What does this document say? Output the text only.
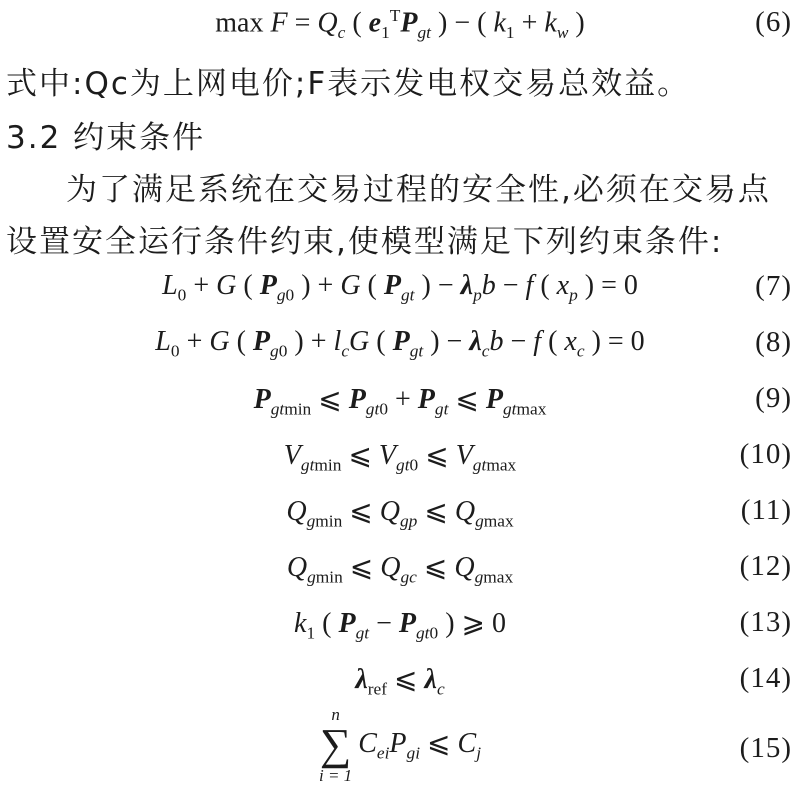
$\max F = Q_c$ ( $e_1^TP_{gt}$ ) − ( $k_1 + k_w$ )	(6)
式中:Qc为上网电价;F表示发电权交易总效益。
3.2 约束条件
为了满足系统在交易过程的安全性,必须在交易点
设置安全运行条件约束,使模型满足下列约束条件:
$L_0 + G$ ( $P_{g0}$ ) + G ( $P_{gt}$ ) − $\lambda_pb - f$ ( $x_p$ ) = 0	(7)
$L_0 + G$ ( $P_{g0}$ ) + $l_cG$ ( $P_{gt}$ ) − $\lambda_cb - f$ ( $x_c$ ) = 0	(8)
$P_{gtmin}$ ⩽ $P_{gt0} + P_{gt}$ ⩽ $P_{gtmax}$	(9)
$V_{gtmin}$ ⩽ $V_{gt0}$ ⩽ $V_{gtmax}$	(10)
$Q_{gmin}$ ⩽ $Q_{gp}$ ⩽ $Q_{gmax}$	(11)
$Q_{gmin}$ ⩽ $Q_{gc}$ ⩽ $Q_{gmax}$	(12)
$k_1$ ( $P_{gt} - P_{gt0}$ ) ⩾ 0	(13)
$\lambda_{ref}$ ⩽ $\lambda_c$	(14)
n
∑
i = 1
$C_{ei}P_{gi}$ ⩽ $C_j$	(15)
